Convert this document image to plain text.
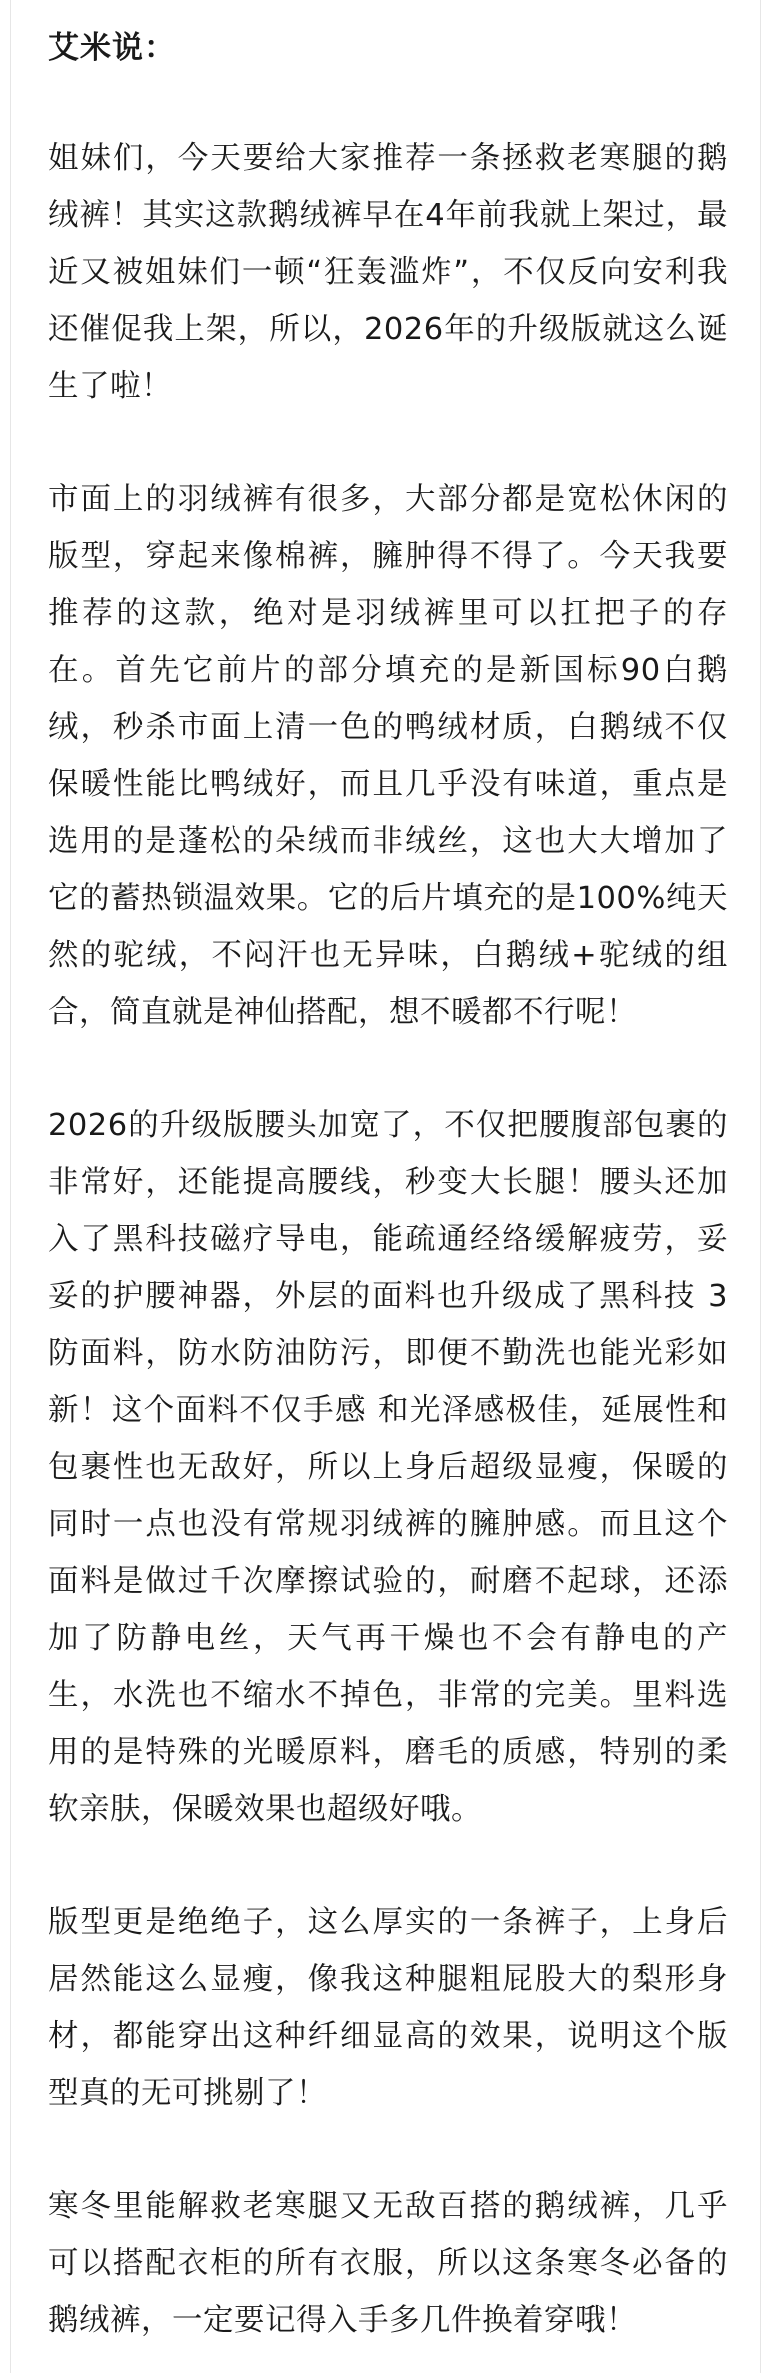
艾米说：

姐妹们，今天要给大家推荐一条拯救老寒腿的鹅绒裤！其实这款鹅绒裤早在4年前我就上架过，最近又被姐妹们一顿“狂轰滥炸”，不仅反向安利我还催促我上架，所以，2026年的升级版就这么诞生了啦！

市面上的羽绒裤有很多，大部分都是宽松休闲的版型，穿起来像棉裤，臃肿得不得了。今天我要推荐的这款，绝对是羽绒裤里可以扛把子的存在。首先它前片的部分填充的是新国标90白鹅绒，秒杀市面上清一色的鸭绒材质，白鹅绒不仅保暖性能比鸭绒好，而且几乎没有味道，重点是选用的是蓬松的朵绒而非绒丝，这也大大增加了它的蓄热锁温效果。它的后片填充的是100%纯天然的驼绒，不闷汗也无异味，白鹅绒+驼绒的组合，简直就是神仙搭配，想不暖都不行呢！

2026的升级版腰头加宽了，不仅把腰腹部包裹的非常好，还能提高腰线，秒变大长腿！腰头还加入了黑科技磁疗导电，能疏通经络缓解疲劳，妥妥的护腰神器，外层的面料也升级成了黑科技 3防面料，防水防油防污，即便不勤洗也能光彩如新！这个面料不仅手感 和光泽感极佳，延展性和包裹性也无敌好，所以上身后超级显瘦，保暖的同时一点也没有常规羽绒裤的臃肿感。而且这个面料是做过千次摩擦试验的，耐磨不起球，还添加了防静电丝，天气再干燥也不会有静电的产生，水洗也不缩水不掉色，非常的完美。里料选用的是特殊的光暖原料，磨毛的质感，特别的柔软亲肤，保暖效果也超级好哦。

版型更是绝绝子，这么厚实的一条裤子，上身后居然能这么显瘦，像我这种腿粗屁股大的梨形身材，都能穿出这种纤细显高的效果，说明这个版型真的无可挑剔了！

寒冬里能解救老寒腿又无敌百搭的鹅绒裤，几乎可以搭配衣柜的所有衣服，所以这条寒冬必备的鹅绒裤，一定要记得入手多几件换着穿哦！
